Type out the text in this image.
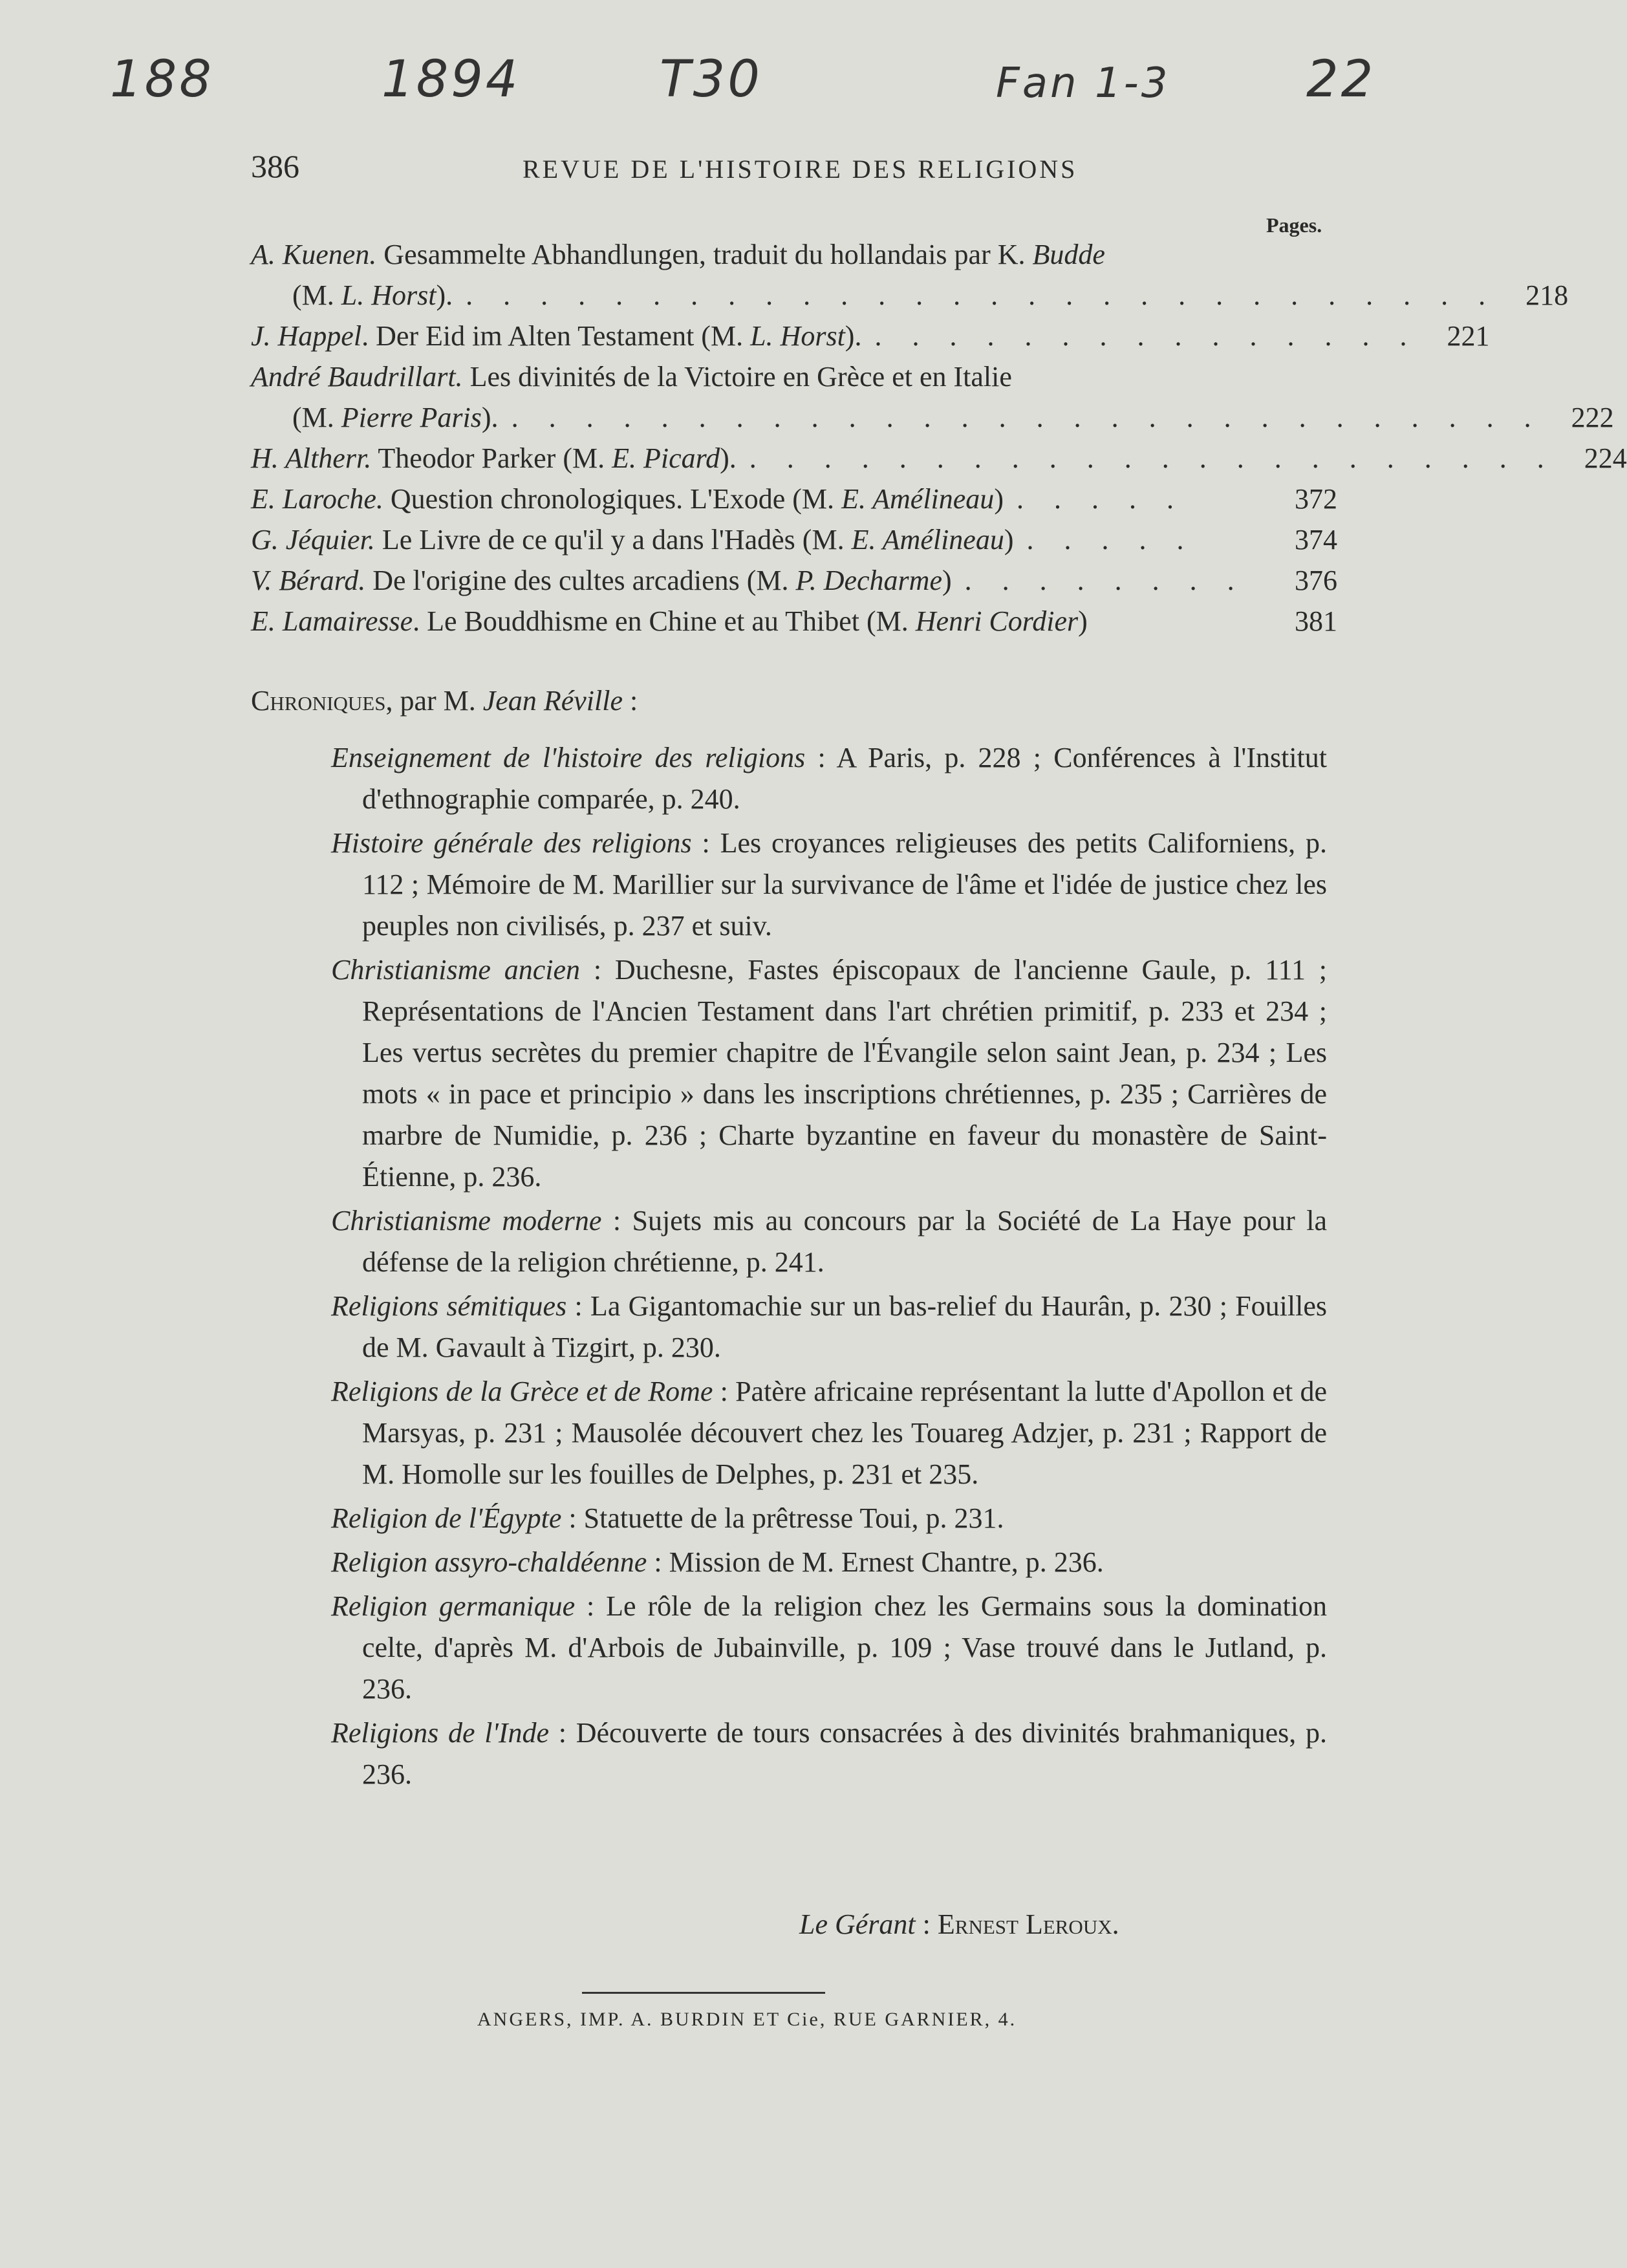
188	1894	T30	Fan 1-3	22
386	REVUE DE L'HISTOIRE DES RELIGIONS
Pages.
A. Kuenen. Gesammelte Abhandlungen, traduit du hollandais par K. Budde
(M. L. Horst). . . . . . . . . . . . . . . . . . . . . . . . . . . . .	218
J. Happel. Der Eid im Alten Testament (M. L. Horst). . . . . . . . . . . . . . . .	221
André Baudrillart. Les divinités de la Victoire en Grèce et en Italie
(M. Pierre Paris). . . . . . . . . . . . . . . . . . . . . . . . . . . . .	222
H. Altherr. Theodor Parker (M. E. Picard). . . . . . . . . . . . . . . . . . . . . . .	224
E. Laroche. Question chronologiques. L'Exode (M. E. Amélineau) . . . . .	372
G. Jéquier. Le Livre de ce qu'il y a dans l'Hadès (M. E. Amélineau) . . . . .	374
V. Bérard. De l'origine des cultes arcadiens (M. P. Decharme) . . . . . . . .	376
E. Lamairesse. Le Bouddhisme en Chine et au Thibet (M. Henri Cordier)	381
Chroniques, par M. Jean Réville :

Enseignement de l'histoire des religions : A Paris, p. 228 ; Conférences à l'Institut d'ethnographie comparée, p. 240.

Histoire générale des religions : Les croyances religieuses des petits Californiens, p. 112 ; Mémoire de M. Marillier sur la survivance de l'âme et l'idée de justice chez les peuples non civilisés, p. 237 et suiv.

Christianisme ancien : Duchesne, Fastes épiscopaux de l'ancienne Gaule, p. 111 ; Représentations de l'Ancien Testament dans l'art chrétien primitif, p. 233 et 234 ; Les vertus secrètes du premier chapitre de l'Évangile selon saint Jean, p. 234 ; Les mots « in pace et principio » dans les inscriptions chrétiennes, p. 235 ; Carrières de marbre de Numidie, p. 236 ; Charte byzantine en faveur du monastère de Saint-Étienne, p. 236.

Christianisme moderne : Sujets mis au concours par la Société de La Haye pour la défense de la religion chrétienne, p. 241.

Religions sémitiques : La Gigantomachie sur un bas-relief du Haurân, p. 230 ; Fouilles de M. Gavault à Tizgirt, p. 230.

Religions de la Grèce et de Rome : Patère africaine représentant la lutte d'Apollon et de Marsyas, p. 231 ; Mausolée découvert chez les Touareg Adzjer, p. 231 ; Rapport de M. Homolle sur les fouilles de Delphes, p. 231 et 235.

Religion de l'Égypte : Statuette de la prêtresse Toui, p. 231.

Religion assyro-chaldéenne : Mission de M. Ernest Chantre, p. 236.

Religion germanique : Le rôle de la religion chez les Germains sous la domination celte, d'après M. d'Arbois de Jubainville, p. 109 ; Vase trouvé dans le Jutland, p. 236.

Religions de l'Inde : Découverte de tours consacrées à des divinités brahmaniques, p. 236.

Le Gérant : Ernest Leroux.
ANGERS, IMP. A. BURDIN ET Cie, RUE GARNIER, 4.
